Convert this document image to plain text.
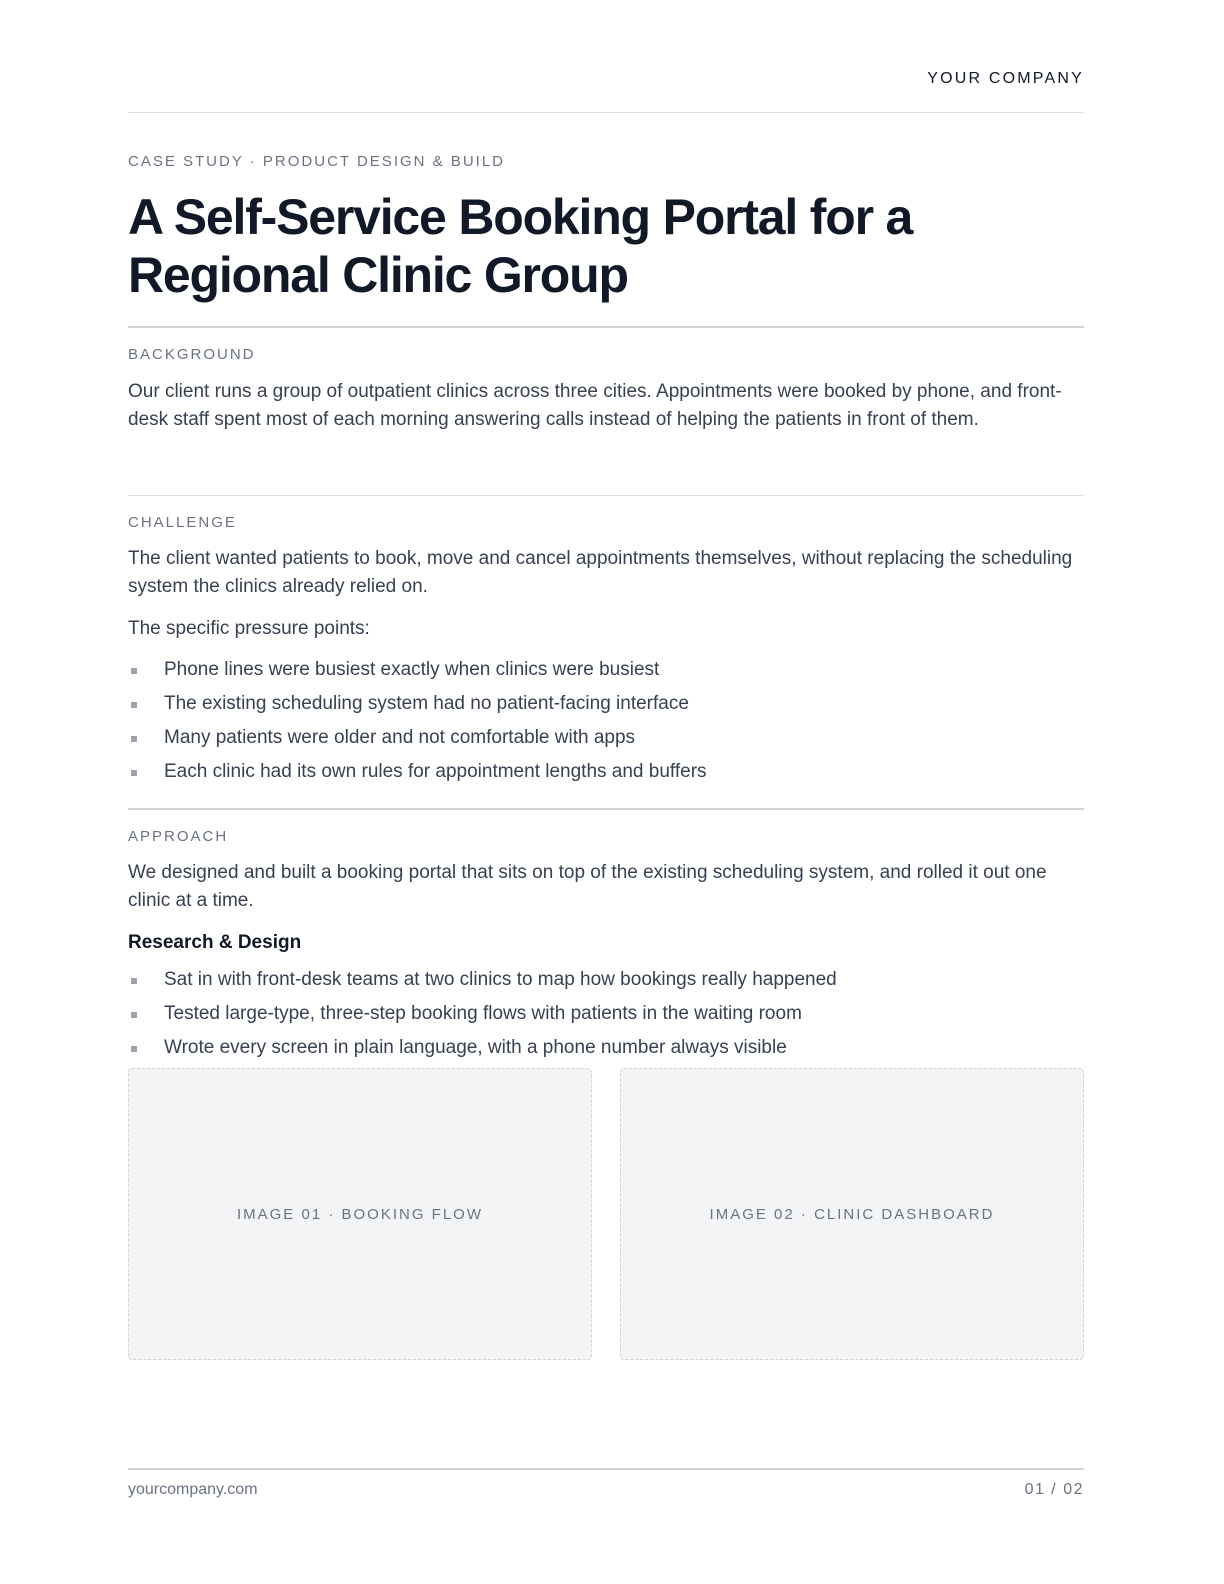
YOUR COMPANY
CASE STUDY · PRODUCT DESIGN & BUILD
A Self-Service Booking Portal for a Regional Clinic Group
BACKGROUND

Our client runs a group of outpatient clinics across three cities. Appointments were booked by phone, and front-desk staff spent most of each morning answering calls instead of helping the patients in front of them.

CHALLENGE

The client wanted patients to book, move and cancel appointments themselves, without replacing the scheduling system the clinics already relied on.

The specific pressure points:

Phone lines were busiest exactly when clinics were busiest
The existing scheduling system had no patient-facing interface
Many patients were older and not comfortable with apps
Each clinic had its own rules for appointment lengths and buffers
APPROACH

We designed and built a booking portal that sits on top of the existing scheduling system, and rolled it out one clinic at a time.

Research & Design
Sat in with front-desk teams at two clinics to map how bookings really happened
Tested large-type, three-step booking flows with patients in the waiting room
Wrote every screen in plain language, with a phone number always visible
IMAGE 01 · BOOKING FLOW	IMAGE 02 · CLINIC DASHBOARD
yourcompany.com	01 / 02
